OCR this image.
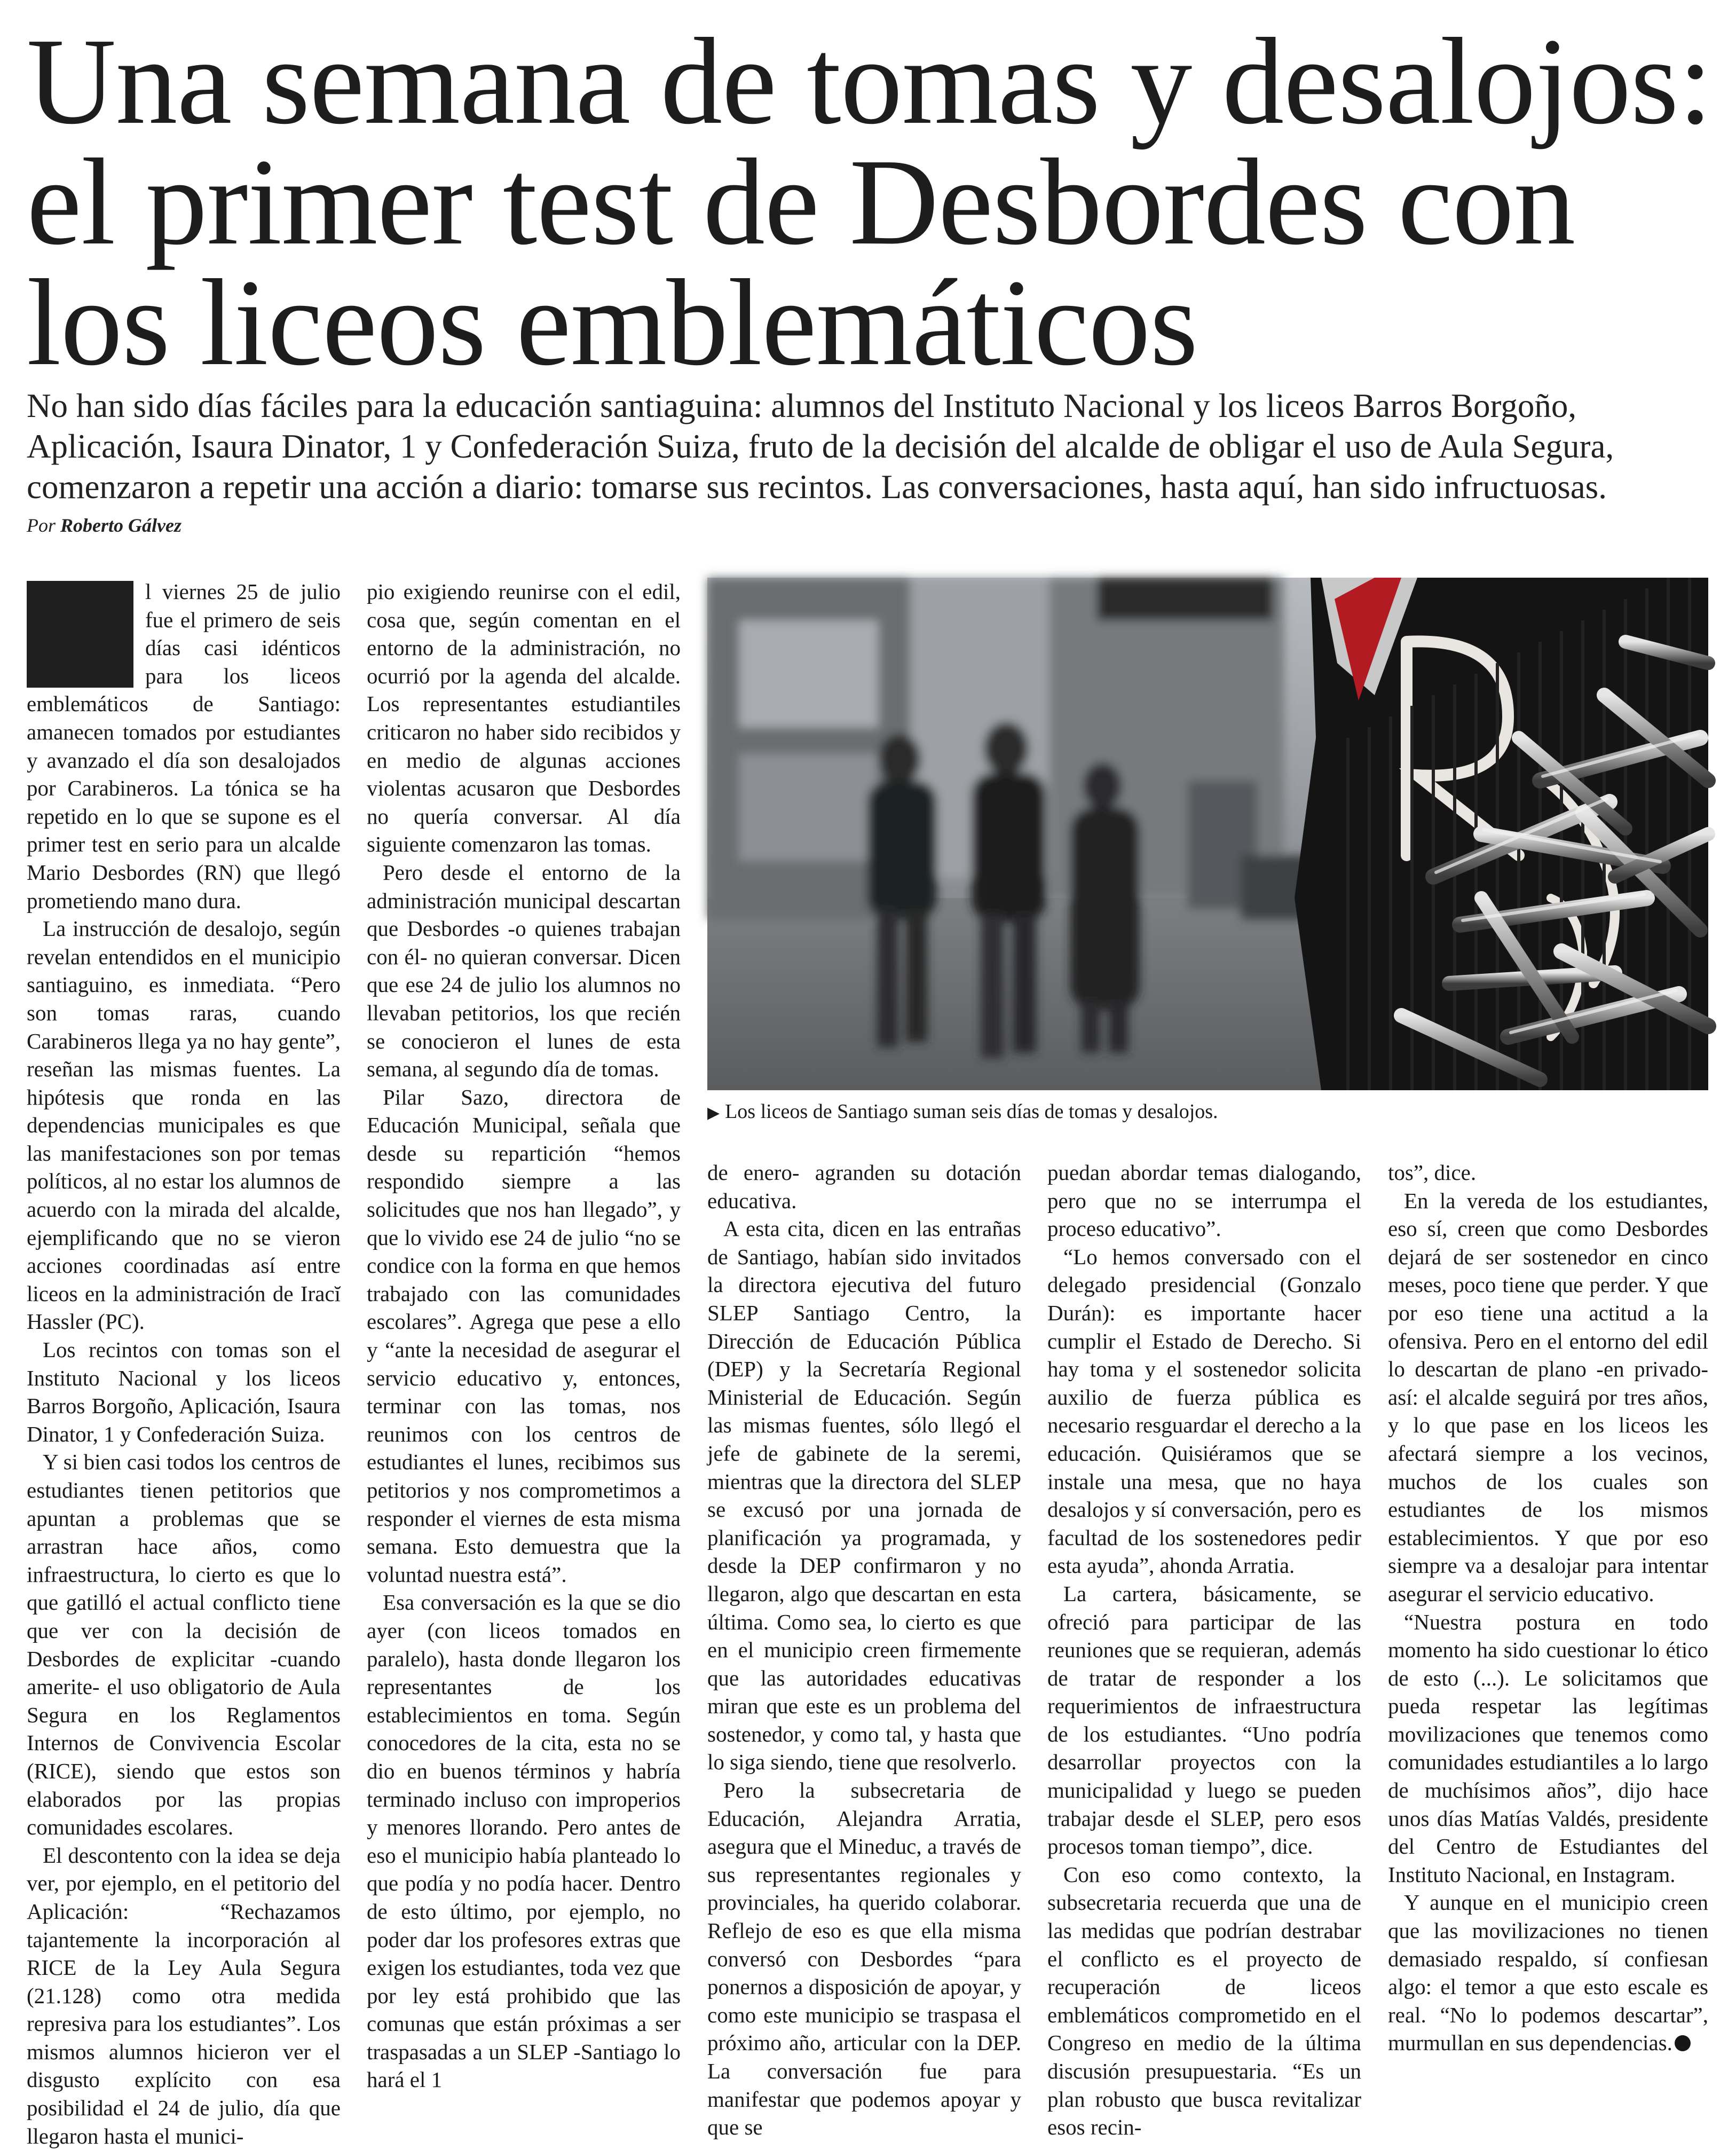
Una semana de tomas y desalojos: el primer test de Desbordes con los liceos emblemáticos

No han sido días fáciles para la educación santiaguina: alumnos del Instituto Nacional y los liceos Barros Borgoño, Aplicación, Isaura Dinator, 1 y Confederación Suiza, fruto de la decisión del alcalde de obligar el uso de Aula Segura, comenzaron a repetir una acción a diario: tomarse sus recintos. Las conversaciones, hasta aquí, han sido infructuosas.

Por Roberto Gálvez

E	l viernes 25 de julio fue el primero de seis días casi idénticos para los liceos emblemáticos de Santiago: amanecen tomados por estudiantes y avanzado el día son desalojados por Carabineros. La tónica se ha repetido en lo que se supone es el primer test en serio para un alcalde Mario Desbordes (RN) que llegó prometiendo mano dura.

La instrucción de desalojo, según revelan entendidos en el municipio santiaguino, es inmediata. “Pero son tomas raras, cuando Carabineros llega ya no hay gente”, reseñan las mismas fuentes. La hipótesis que ronda en las dependencias municipales es que las manifestaciones son por temas políticos, al no estar los alumnos de acuerdo con la mirada del alcalde, ejemplificando que no se vieron acciones coordinadas así entre liceos en la administración de Iracĭ Hassler (PC).

Los recintos con tomas son el Instituto Nacional y los liceos Barros Borgoño, Aplicación, Isaura Dinator, 1 y Confederación Suiza.

Y si bien casi todos los centros de estudiantes tienen petitorios que apuntan a problemas que se arrastran hace años, como infraestructura, lo cierto es que lo que gatilló el actual conflicto tiene que ver con la decisión de Desbordes de explicitar -cuando amerite- el uso obligatorio de Aula Segura en los Reglamentos Internos de Convivencia Escolar (RICE), siendo que estos son elaborados por las propias comunidades escolares.

El descontento con la idea se deja ver, por ejemplo, en el petitorio del Aplicación: “Rechazamos tajantemente la incorporación al RICE de la Ley Aula Segura (21.128) como otra medida represiva para los estudiantes”. Los mismos alumnos hicieron ver el disgusto explícito con esa posibilidad el 24 de julio, día que llegaron hasta el munici-

pio exigiendo reunirse con el edil, cosa que, según comentan en el entorno de la administración, no ocurrió por la agenda del alcalde. Los representantes estudiantiles criticaron no haber sido recibidos y en medio de algunas acciones violentas acusaron que Desbordes no quería conversar. Al día siguiente comenzaron las tomas.

Pero desde el entorno de la administración municipal descartan que Desbordes -o quienes trabajan con él- no quieran conversar. Dicen que ese 24 de julio los alumnos no llevaban petitorios, los que recién se conocieron el lunes de esta semana, al segundo día de tomas.

Pilar Sazo, directora de Educación Municipal, señala que desde su repartición “hemos respondido siempre a las solicitudes que nos han llegado”, y que lo vivido ese 24 de julio “no se condice con la forma en que hemos trabajado con las comunidades escolares”. Agrega que pese a ello y “ante la necesidad de asegurar el servicio educativo y, entonces, terminar con las tomas, nos reunimos con los centros de estudiantes el lunes, recibimos sus petitorios y nos comprometimos a responder el viernes de esta misma semana. Esto demuestra que la voluntad nuestra está”.

Esa conversación es la que se dio ayer (con liceos tomados en paralelo), hasta donde llegaron los representantes de los establecimientos en toma. Según conocedores de la cita, esta no se dio en buenos términos y habría terminado incluso con improperios y menores llorando. Pero antes de eso el municipio había planteado lo que podía y no podía hacer. Dentro de esto último, por ejemplo, no poder dar los profesores extras que exigen los estudiantes, toda vez que por ley está prohibido que las comunas que están próximas a ser traspasadas a un SLEP -Santiago lo hará el 1

▶ Los liceos de Santiago suman seis días de tomas y desalojos.

de enero- agranden su dotación educativa.

A esta cita, dicen en las entrañas de Santiago, habían sido invitados la directora ejecutiva del futuro SLEP Santiago Centro, la Dirección de Educación Pública (DEP) y la Secretaría Regional Ministerial de Educación. Según las mismas fuentes, sólo llegó el jefe de gabinete de la seremi, mientras que la directora del SLEP se excusó por una jornada de planificación ya programada, y desde la DEP confirmaron y no llegaron, algo que descartan en esta última. Como sea, lo cierto es que en el municipio creen firmemente que las autoridades educativas miran que este es un problema del sostenedor, y como tal, y hasta que lo siga siendo, tiene que resolverlo.

Pero la subsecretaria de Educación, Alejandra Arratia, asegura que el Mineduc, a través de sus representantes regionales y provinciales, ha querido colaborar. Reflejo de eso es que ella misma conversó con Desbordes “para ponernos a disposición de apoyar, y como este municipio se traspasa el próximo año, articular con la DEP. La conversación fue para manifestar que podemos apoyar y que se

puedan abordar temas dialogando, pero que no se interrumpa el proceso educativo”.

“Lo hemos conversado con el delegado presidencial (Gonzalo Durán): es importante hacer cumplir el Estado de Derecho. Si hay toma y el sostenedor solicita auxilio de fuerza pública es necesario resguardar el derecho a la educación. Quisiéramos que se instale una mesa, que no haya desalojos y sí conversación, pero es facultad de los sostenedores pedir esta ayuda”, ahonda Arratia.

La cartera, básicamente, se ofreció para participar de las reuniones que se requieran, además de tratar de responder a los requerimientos de infraestructura de los estudiantes. “Uno podría desarrollar proyectos con la municipalidad y luego se pueden trabajar desde el SLEP, pero esos procesos toman tiempo”, dice.

Con eso como contexto, la subsecretaria recuerda que una de las medidas que podrían destrabar el conflicto es el proyecto de recuperación de liceos emblemáticos comprometido en el Congreso en medio de la última discusión presupuestaria. “Es un plan robusto que busca revitalizar esos recin-

tos”, dice.

En la vereda de los estudiantes, eso sí, creen que como Desbordes dejará de ser sostenedor en cinco meses, poco tiene que perder. Y que por eso tiene una actitud a la ofensiva. Pero en el entorno del edil lo descartan de plano -en privado- así: el alcalde seguirá por tres años, y lo que pase en los liceos les afectará siempre a los vecinos, muchos de los cuales son estudiantes de los mismos establecimientos. Y que por eso siempre va a desalojar para intentar asegurar el servicio educativo.

“Nuestra postura en todo momento ha sido cuestionar lo ético de esto (...). Le solicitamos que pueda respetar las legítimas movilizaciones que tenemos como comunidades estudiantiles a lo largo de muchísimos años”, dijo hace unos días Matías Valdés, presidente del Centro de Estudiantes del Instituto Nacional, en Instagram.

Y aunque en el municipio creen que las movilizaciones no tienen demasiado respaldo, sí confiesan algo: el temor a que esto escale es real. “No lo podemos descartar”, murmullan en sus dependencias.
